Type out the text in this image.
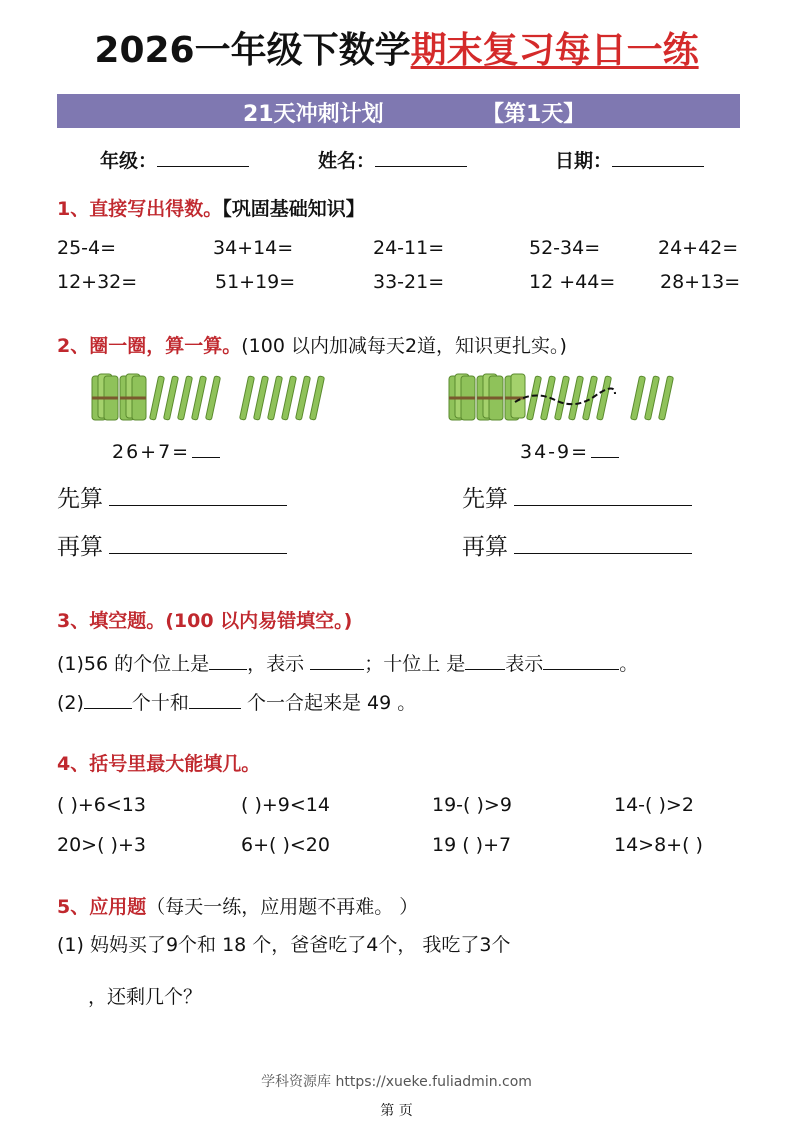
2026一年级下数学期末复习每日一练
21天冲刺计划	【第1天】
年级：	姓名：	日期：
1、直接写出得数。【巩固基础知识】
25-4=	34+14=	24-11=	52-34=	24+42=
12+32=	51+19=	33-21=	12 +44= 28+13=
2、圈一圈，算一算。(100 以内加减每天2道，知识更扎实。)
26+7=	34-9=
先算	先算
再算	再算
3、填空题。(100 以内易错填空。)
(1)56 的个位上是 ，表示	；十位上 是 表示	。
(2)	个十和	个一合起来是 49 。
4、括号里最大能填几。
( )+6<13	( )+9<14	19-( )>9	14-( )>2
20>( )+3	6+( )<20	19 ( )+7	14>8+( )
5、应用题（每天一练，应用题不再难。 ）
(1) 妈妈买了9个和 18 个，爸爸吃了4个， 我吃了3个
，还剩几个？
学科资源库 https://xueke.fuliadmin.com
第 页
